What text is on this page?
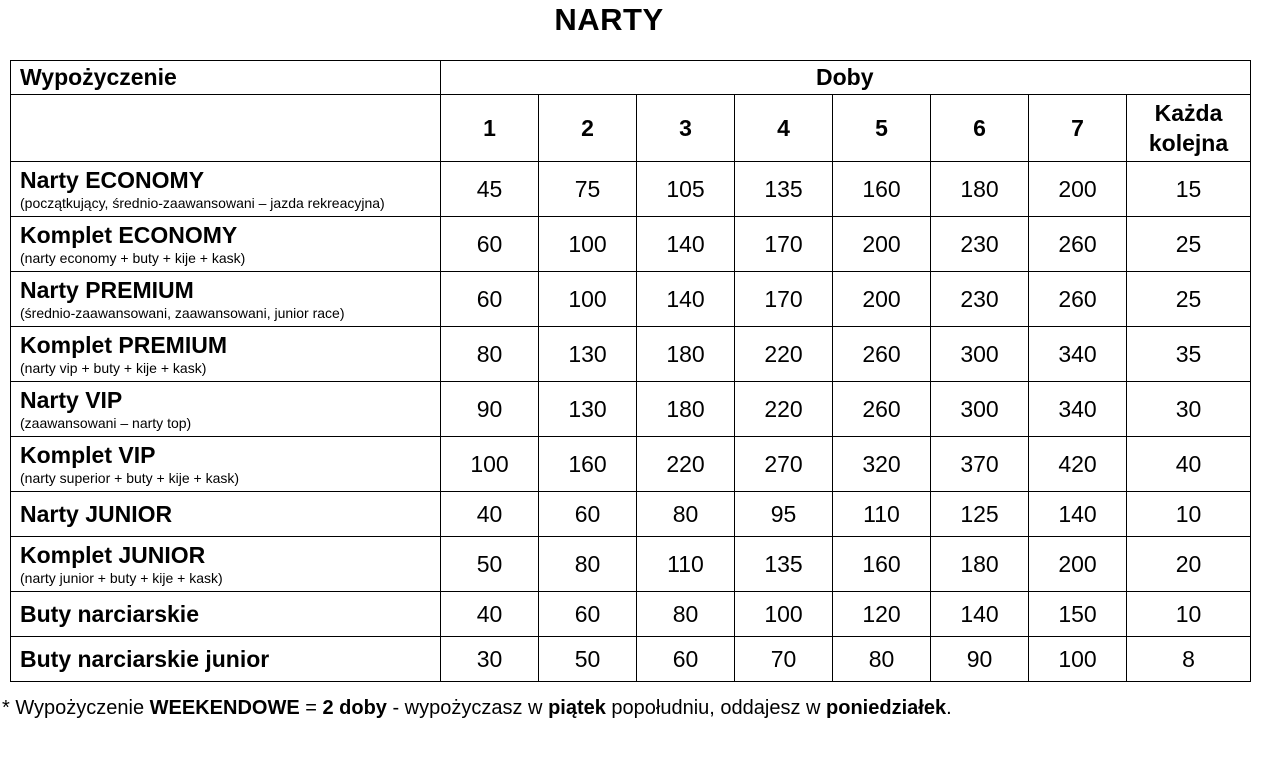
NARTY
Wypożyczenie	Doby							
	1	2	3	4	5	6	7	Każda
kolejna

Narty ECONOMY
(początkujący, średnio-zaawansowani – jazda rekreacyjna)	45	75	105	135	160	180	200	15

Komplet ECONOMY
(narty economy + buty + kije + kask)	60	100	140	170	200	230	260	25

Narty PREMIUM
(średnio-zaawansowani, zaawansowani, junior race)	60	100	140	170	200	230	260	25

Komplet PREMIUM
(narty vip + buty + kije + kask)	80	130	180	220	260	300	340	35

Narty VIP
(zaawansowani – narty top)	90	130	180	220	260	300	340	30

Komplet VIP
(narty superior + buty + kije + kask)	100	160	220	270	320	370	420	40

Narty JUNIOR	40	60	80	95	110	125	140	10

Komplet JUNIOR
(narty junior + buty + kije + kask)	50	80	110	135	160	180	200	20

Buty narciarskie	40	60	80	100	120	140	150	10

Buty narciarskie junior	30	50	60	70	80	90	100	8
* Wypożyczenie WEEKENDOWE = 2 doby - wypożyczasz w piątek popołudniu, oddajesz w poniedziałek.
